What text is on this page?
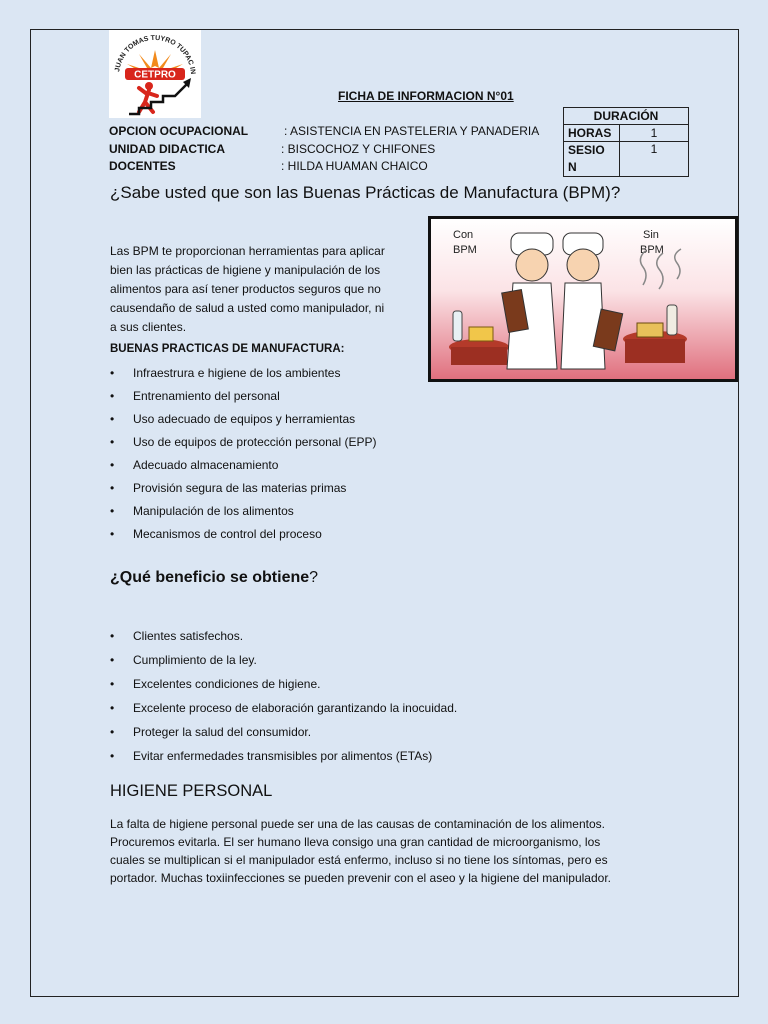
JUAN TOMAS TUYRO TUPAC IN
CETPRO
FICHA DE INFORMACION N°01
OPCION OCUPACIONAL	: ASISTENCIA EN PASTELERIA Y PANADERIA
UNIDAD DIDACTICA	: BISCOCHOZ Y CHIFONES
DOCENTES	: HILDA HUAMAN CHAICO
DURACIÓN	
HORAS	1
SESIO N	1
¿Sabe usted que son las Buenas Prácticas de Manufactura (BPM)?
Las BPM te proporcionan herramientas para aplicar
bien las prácticas de higiene y manipulación de los
alimentos para así tener productos seguros que no
causendaño de salud a usted como manipulador, ni
a sus clientes.
BUENAS PRACTICAS DE MANUFACTURA:
• Infraestrura e higiene de los ambientes
• Entrenamiento del personal
• Uso adecuado de equipos y herramientas
• Uso de equipos de protección personal (EPP)
• Adecuado almacenamiento
• Provisión segura de las materias primas
• Manipulación de los alimentos
• Mecanismos de control del proceso
Con
BPM
Sin
BPM
¿Qué beneficio se obtiene?
• Clientes satisfechos.
• Cumplimiento de la ley.
• Excelentes condiciones de higiene.
• Excelente proceso de elaboración garantizando la inocuidad.
• Proteger la salud del consumidor.
• Evitar enfermedades transmisibles por alimentos (ETAs)
HIGIENE PERSONAL
La falta de higiene personal puede ser una de las causas de contaminación de los alimentos.
Procuremos evitarla. El ser humano lleva consigo una gran cantidad de microorganismo, los
cuales se multiplican si el manipulador está enfermo, incluso si no tiene los síntomas, pero es
portador. Muchas toxiinfecciones se pueden prevenir con el aseo y la higiene del manipulador.
